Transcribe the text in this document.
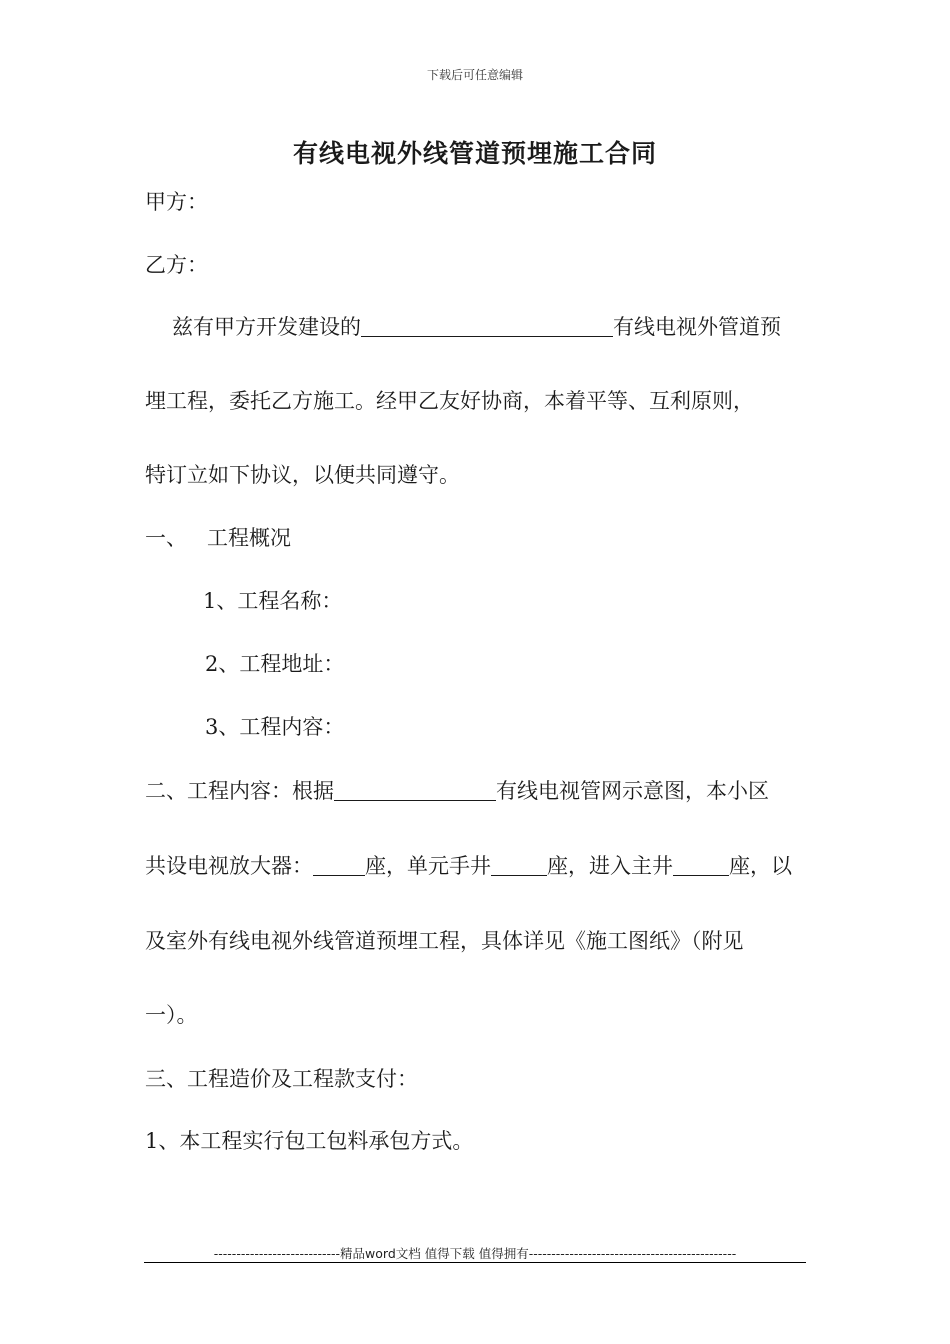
下载后可任意编辑
有线电视外线管道预埋施工合同
甲方：
乙方：
兹有甲方开发建设的	有线电视外管道预
埋工程，委托乙方施工。经甲乙友好协商，本着平等、互利原则，
特订立如下协议，以便共同遵守。
一、 工程概况
1、工程名称：
2、工程地址：
3、工程内容：
二、工程内容：根据	有线电视管网示意图，本小区
共设电视放大器： 座，单元手井	座，进入主井	座，以
及室外有线电视外线管道预埋工程，具体详见《施工图纸》（附见
一）。
三、工程造价及工程款支付：
1、本工程实行包工包料承包方式。
----------------------------精品word文档 值得下载 值得拥有----------------------------------------------
